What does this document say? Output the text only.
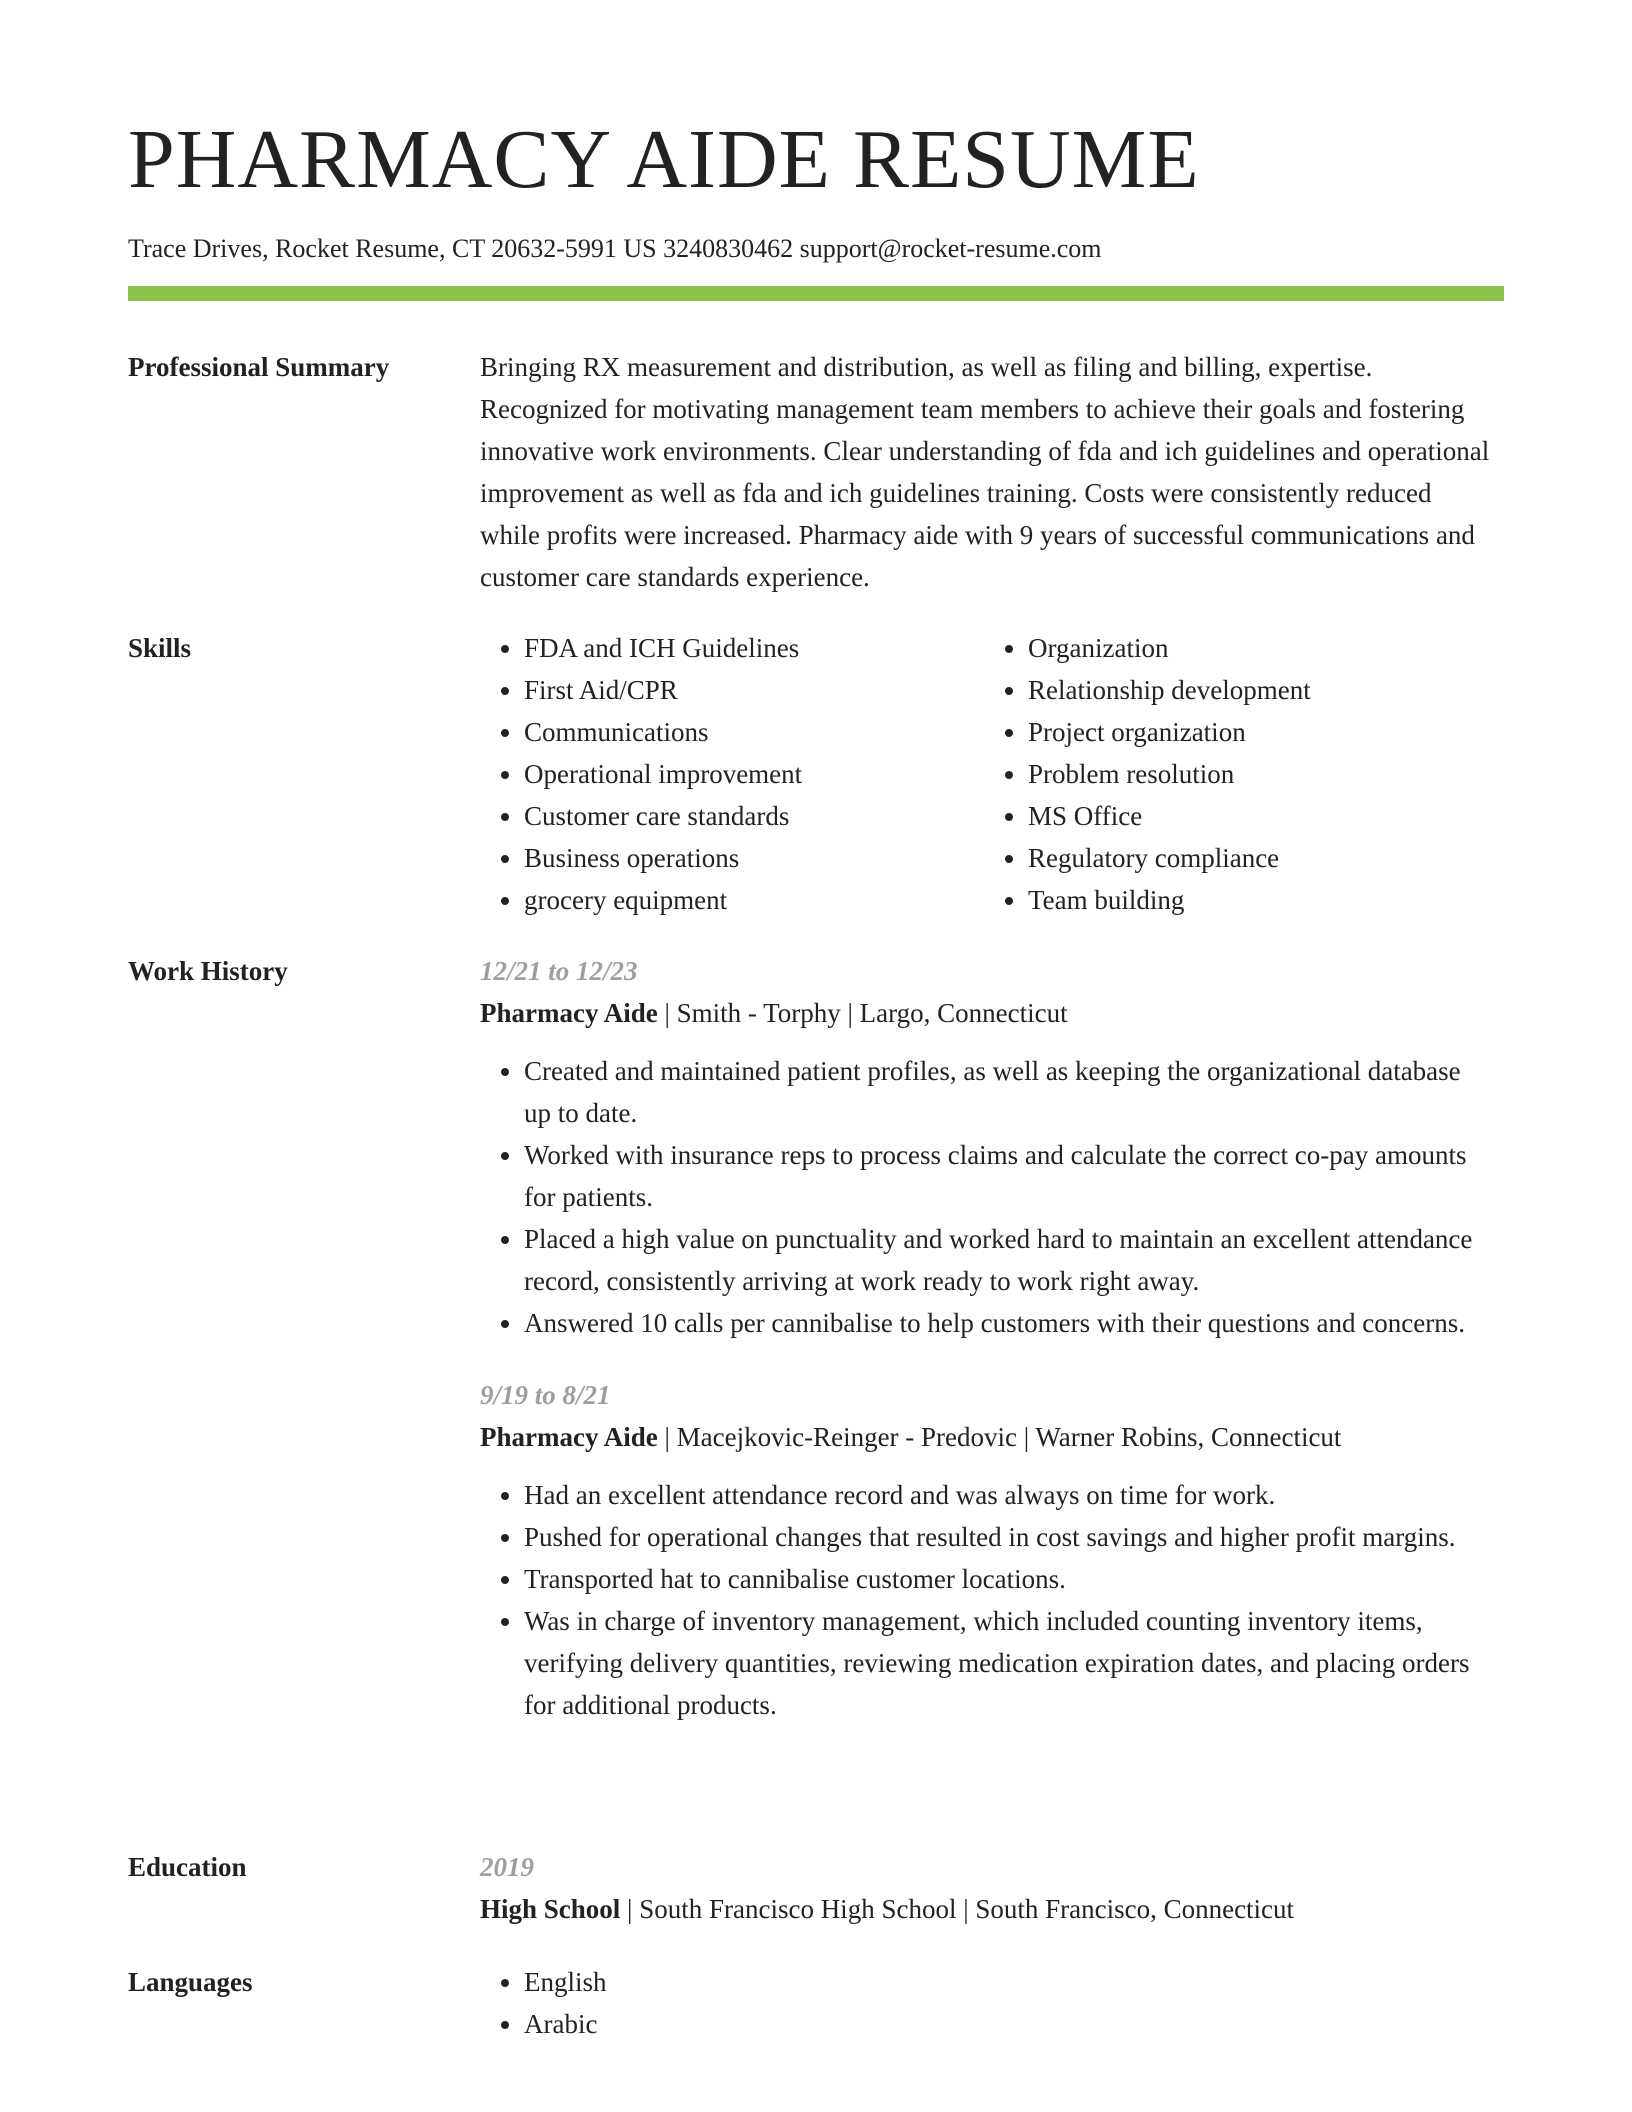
PHARMACY AIDE RESUME
Trace Drives, Rocket Resume, CT 20632-5991 US 3240830462 support@rocket-resume.com
Professional Summary	Bringing RX measurement and distribution, as well as filing and billing, expertise. Recognized for motivating management team members to achieve their goals and fostering innovative work environments. Clear understanding of fda and ich guidelines and operational improvement as well as fda and ich guidelines training. Costs were consistently reduced while profits were increased. Pharmacy aide with 9 years of successful communications and customer care standards experience.

Skills	• FDA and ICH Guidelines
• First Aid/CPR
• Communications
• Operational improvement
• Customer care standards
• Business operations
• grocery equipment
• Organization
• Relationship development
• Project organization
• Problem resolution
• MS Office
• Regulatory compliance
• Team building
Work History	12/21 to 12/23
Pharmacy Aide | Smith - Torphy | Largo, Connecticut
• Created and maintained patient profiles, as well as keeping the organizational database up to date.
• Worked with insurance reps to process claims and calculate the correct co-pay amounts for patients.
• Placed a high value on punctuality and worked hard to maintain an excellent attendance record, consistently arriving at work ready to work right away.
• Answered 10 calls per cannibalise to help customers with their questions and concerns.
9/19 to 8/21
Pharmacy Aide | Macejkovic-Reinger - Predovic | Warner Robins, Connecticut
• Had an excellent attendance record and was always on time for work.
• Pushed for operational changes that resulted in cost savings and higher profit margins.
• Transported hat to cannibalise customer locations.
• Was in charge of inventory management, which included counting inventory items, verifying delivery quantities, reviewing medication expiration dates, and placing orders for additional products.
Education	2019
High School | South Francisco High School | South Francisco, Connecticut
Languages	• English
• Arabic
